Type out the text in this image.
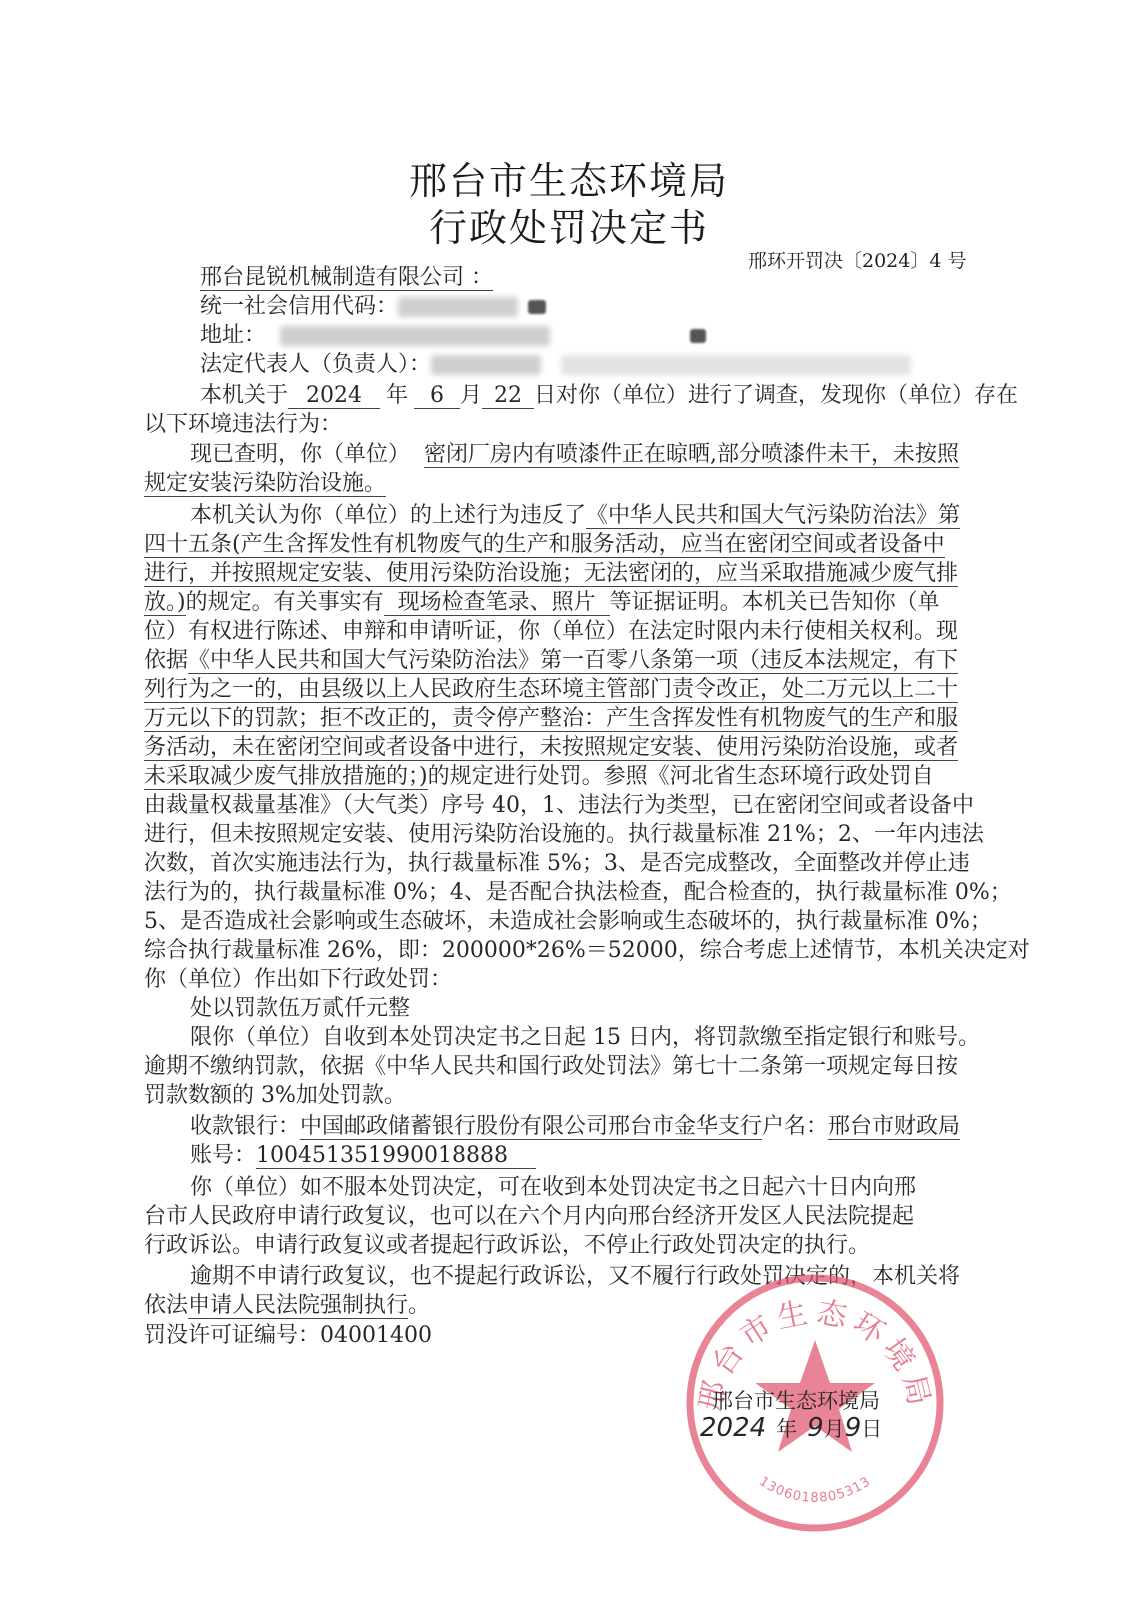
邢台市生态环境局
行政处罚决定书
邢环开罚决〔2024〕4 号
邢台昆锐机械制造有限公司 ：
统一社会信用代码：
地址：
法定代表人（负责人）：
本机关于 2024 年 6 月 22 日对你（单位）进行了调查，发现你（单位）存在
以下环境违法行为：
现已查明，你（单位） 密闭厂房内有喷漆件正在晾晒,部分喷漆件未干，未按照
规定安装污染防治设施。
本机关认为你（单位）的上述行为违反了《中华人民共和国大气污染防治法》第
四十五条(产生含挥发性有机物废气的生产和服务活动，应当在密闭空间或者设备中
进行，并按照规定安装、使用污染防治设施；无法密闭的，应当采取措施减少废气排
放。)的规定。有关事实有 现场检查笔录、照片 等证据证明。本机关已告知你（单
位）有权进行陈述、申辩和申请听证，你（单位）在法定时限内未行使相关权利。现
依据《中华人民共和国大气污染防治法》第一百零八条第一项（违反本法规定，有下
列行为之一的，由县级以上人民政府生态环境主管部门责令改正，处二万元以上二十
万元以下的罚款；拒不改正的，责令停产整治：产生含挥发性有机物废气的生产和服
务活动，未在密闭空间或者设备中进行，未按照规定安装、使用污染防治设施，或者
未采取减少废气排放措施的；)的规定进行处罚。参照《河北省生态环境行政处罚自
由裁量权裁量基准》（大气类）序号 40，1、违法行为类型，已在密闭空间或者设备中
进行，但未按照规定安装、使用污染防治设施的。执行裁量标准 21%；2、一年内违法
次数，首次实施违法行为，执行裁量标准 5%；3、是否完成整改，全面整改并停止违
法行为的，执行裁量标准 0%；4、是否配合执法检查，配合检查的，执行裁量标准 0%；
5、是否造成社会影响或生态破坏，未造成社会影响或生态破坏的，执行裁量标准 0%；
综合执行裁量标准 26%，即：200000*26%＝52000，综合考虑上述情节，本机关决定对
你（单位）作出如下行政处罚：
处以罚款伍万贰仟元整
限你（单位）自收到本处罚决定书之日起 15 日内，将罚款缴至指定银行和账号。
逾期不缴纳罚款，依据《中华人民共和国行政处罚法》第七十二条第一项规定每日按
罚款数额的 3%加处罚款。
收款银行：中国邮政储蓄银行股份有限公司邢台市金华支行户名：邢台市财政局
账号：100451351990018888
你（单位）如不服本处罚决定，可在收到本处罚决定书之日起六十日内向邢
台市人民政府申请行政复议，也可以在六个月内向邢台经济开发区人民法院提起
行政诉讼。申请行政复议或者提起行政诉讼，不停止行政处罚决定的执行。
逾期不申请行政复议，也不提起行政诉讼，又不履行行政处罚决定的，本机关将
依法申请人民法院强制执行。
罚没许可证编号：04001400
邢台市生态环境局
1306018805313
邢台市生态环境局
2024 年 9月9日
